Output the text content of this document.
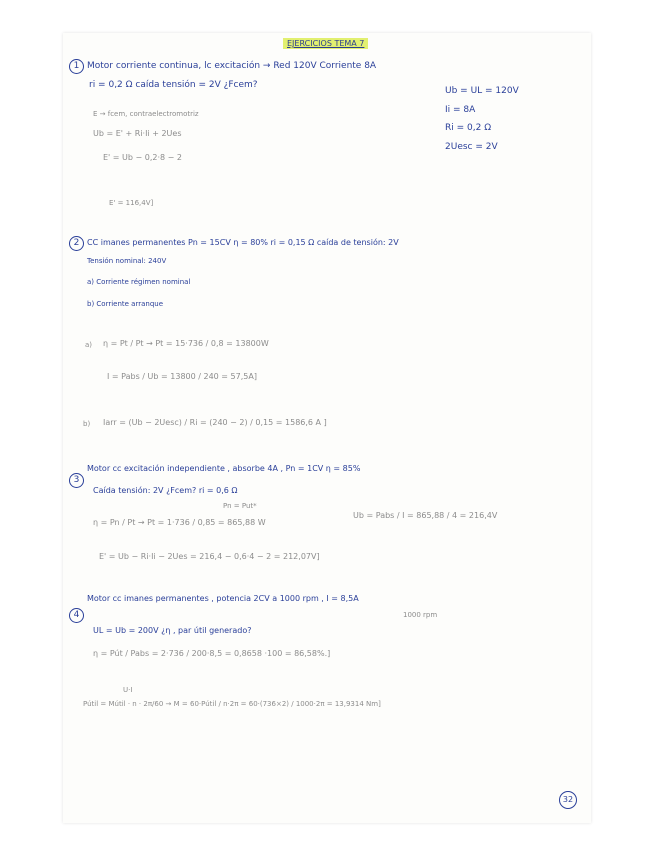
EJERCICIOS TEMA 7
1 Motor corriente continua, lc excitación → Red 120V Corriente 8A
ri = 0,2 Ω caída tensión = 2V ¿Fcem?
E → fcem, contraelectromotriz
Ub = E' + Ri·Ii + 2Ues
E' = Ub − 0,2·8 − 2
E' = 116,4V]
Ub = UL = 120V
Ii = 8A
Ri = 0,2 Ω
2Uesc = 2V
2 CC imanes permanentes Pn = 15CV η = 80% ri = 0,15 Ω caída de tensión: 2V
Tensión nominal: 240V
a) Corriente régimen nominal
b) Corriente arranque
a) η = Pt / Pt → Pt = 15·736 / 0,8 = 13800W
I = Pabs / Ub = 13800 / 240 = 57,5A]
b) Iarr = (Ub − 2Uesc) / Ri = (240 − 2) / 0,15 = 1586,6 A ]
3
Motor cc excitación independiente , absorbe 4A , Pn = 1CV η = 85%
Caída tensión: 2V ¿Fcem? ri = 0,6 Ω
Pn = Put*
η = Pn / Pt → Pt = 1·736 / 0,85 = 865,88 W
Ub = Pabs / I = 865,88 / 4 = 216,4V
E' = Ub − Ri·Ii − 2Ues = 216,4 − 0,6·4 − 2 = 212,07V]
4
Motor cc imanes permanentes , potencia 2CV a 1000 rpm , I = 8,5A
1000 rpm
UL = Ub = 200V ¿η , par útil generado?
η = Pút / Pabs = 2·736 / 200·8,5 = 0,8658 ·100 = 86,58%.]
U·I
Pútil = Mútil · n · 2π/60 → M = 60·Pútil / n·2π = 60·(736×2) / 1000·2π = 13,9314 Nm]
32
